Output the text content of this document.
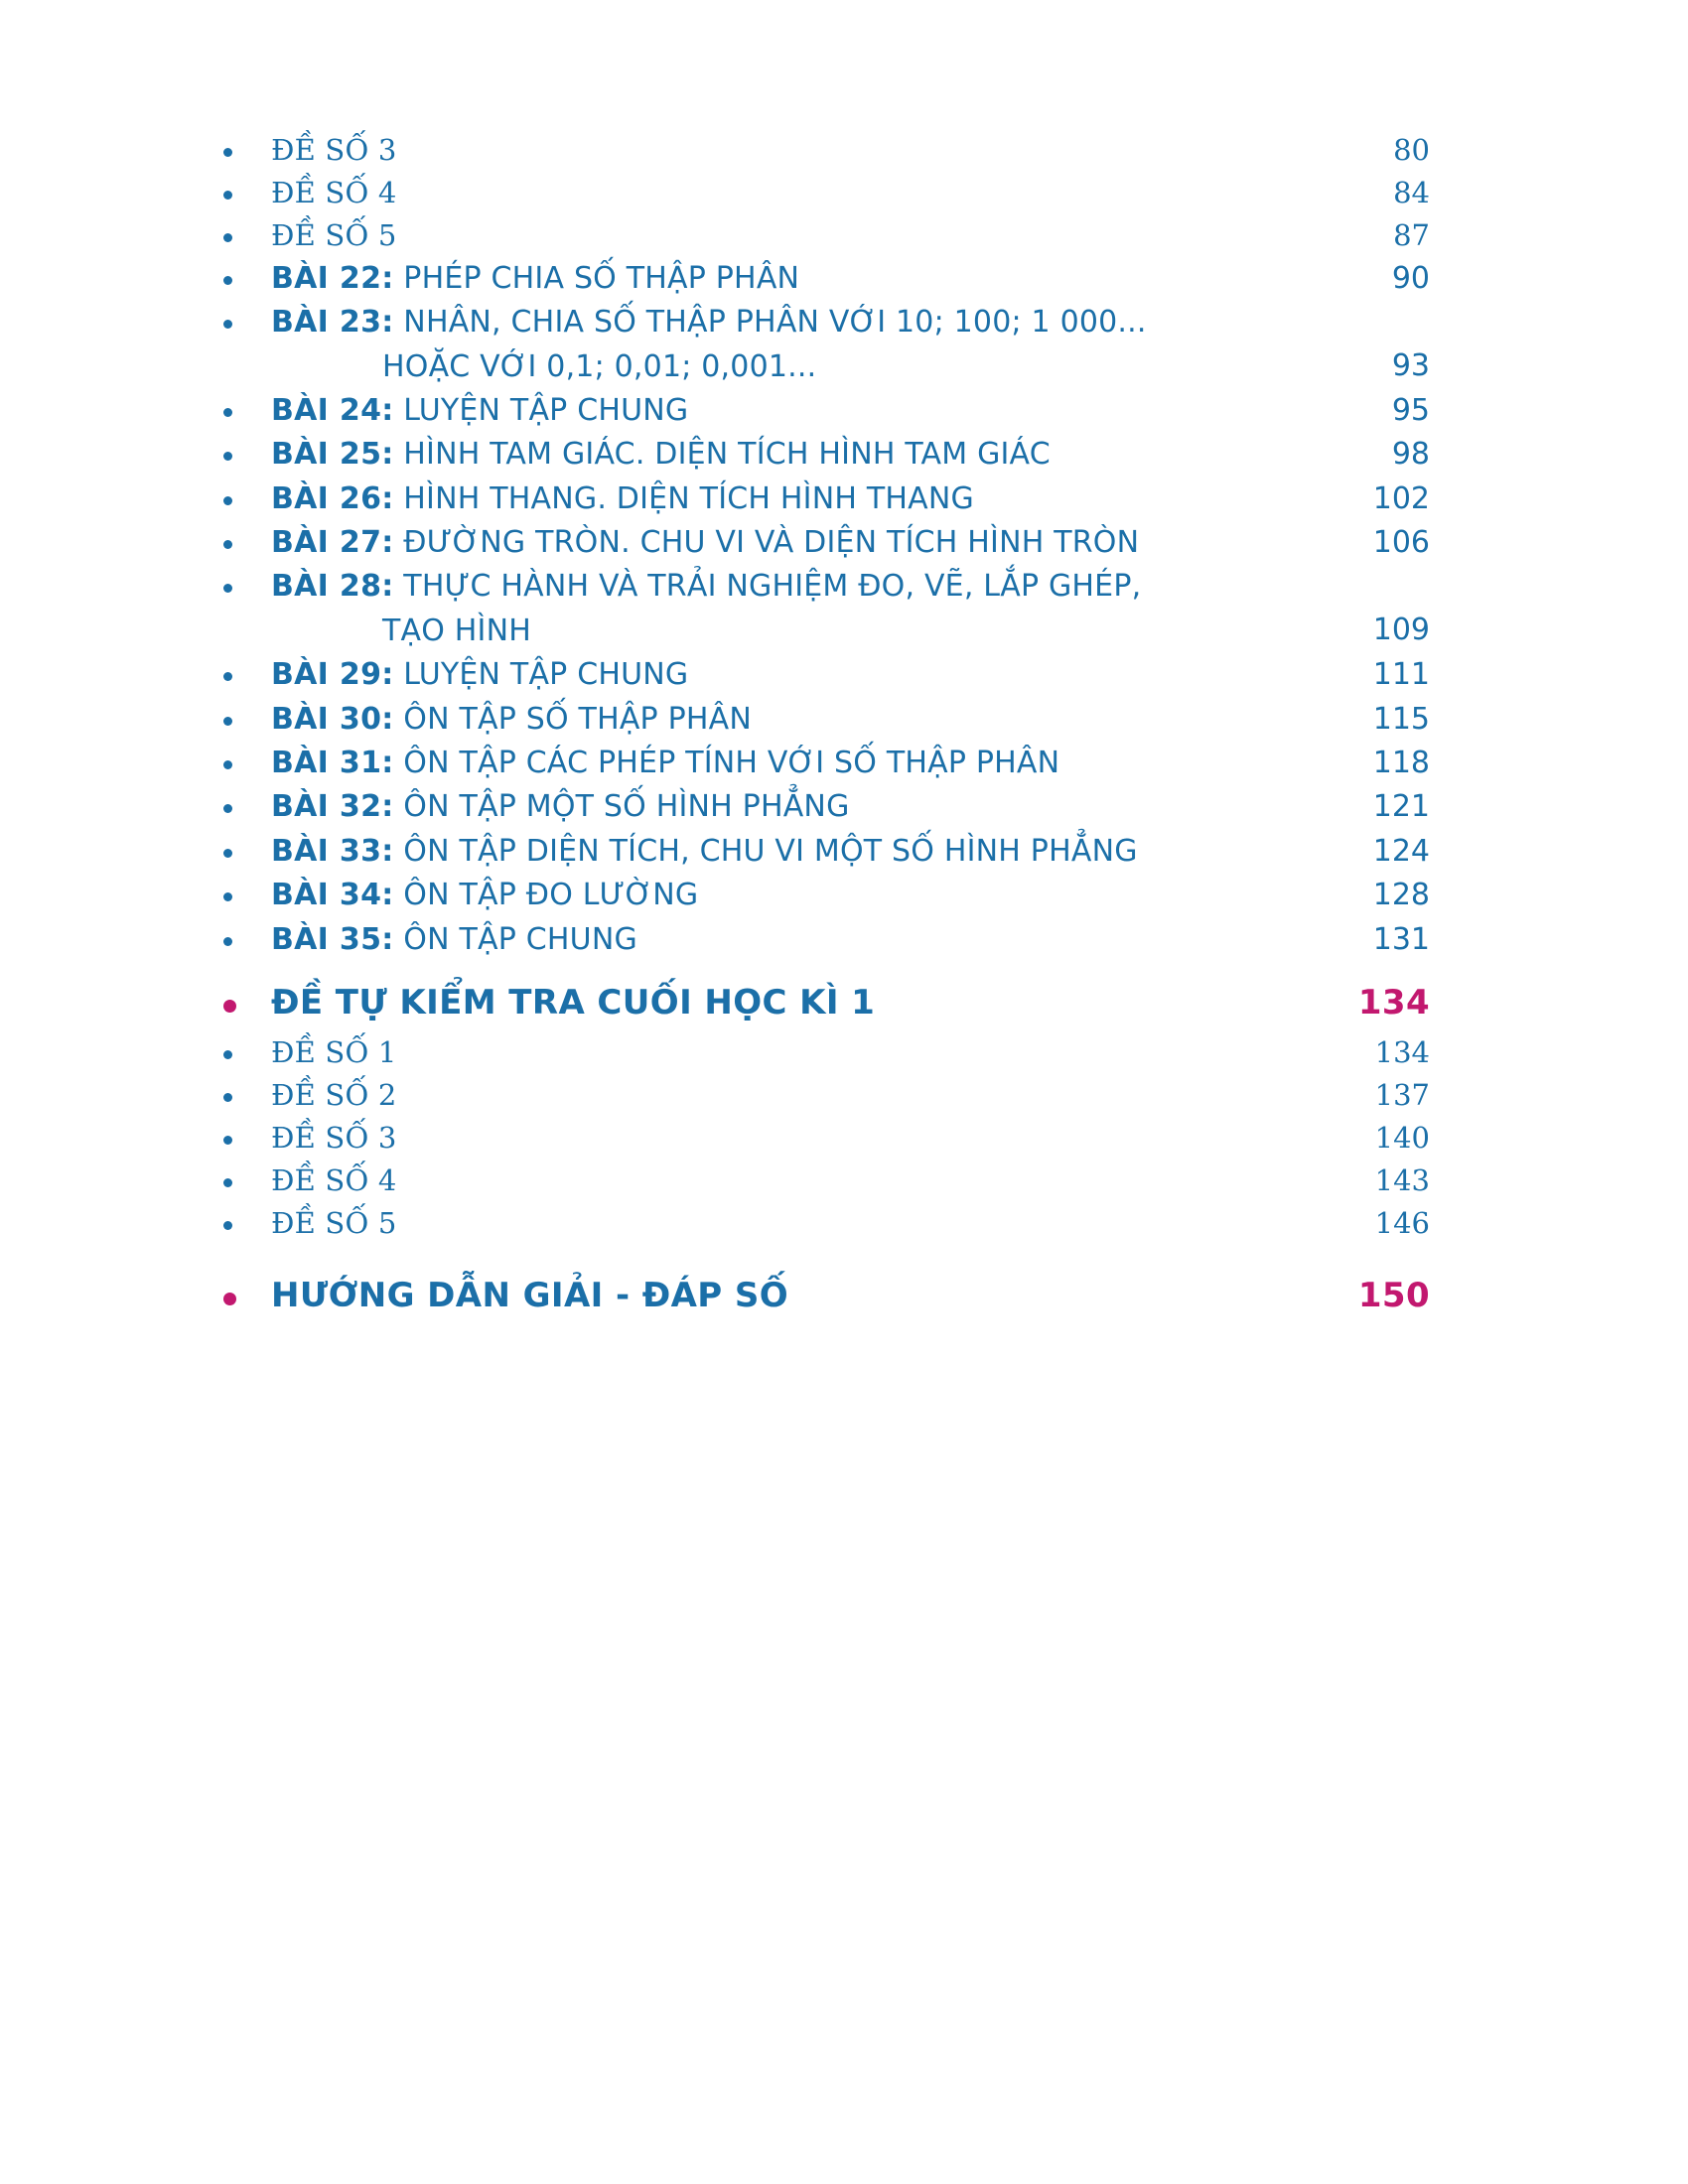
ĐỀ SỐ 3	80
ĐỀ SỐ 4	84
ĐỀ SỐ 5	87
BÀI 22: PHÉP CHIA SỐ THẬP PHÂN	90
BÀI 23: NHÂN, CHIA SỐ THẬP PHÂN VỚI 10; 100; 1 000...
HOẶC VỚI 0,1; 0,01; 0,001...	93
BÀI 24: LUYỆN TẬP CHUNG	95
BÀI 25: HÌNH TAM GIÁC. DIỆN TÍCH HÌNH TAM GIÁC	98
BÀI 26: HÌNH THANG. DIỆN TÍCH HÌNH THANG	102
BÀI 27: ĐƯỜNG TRÒN. CHU VI VÀ DIỆN TÍCH HÌNH TRÒN	106
BÀI 28: THỰC HÀNH VÀ TRẢI NGHIỆM ĐO, VẼ, LẮP GHÉP,
TẠO HÌNH	109
BÀI 29: LUYỆN TẬP CHUNG	111
BÀI 30: ÔN TẬP SỐ THẬP PHÂN	115
BÀI 31: ÔN TẬP CÁC PHÉP TÍNH VỚI SỐ THẬP PHÂN	118
BÀI 32: ÔN TẬP MỘT SỐ HÌNH PHẲNG	121
BÀI 33: ÔN TẬP DIỆN TÍCH, CHU VI MỘT SỐ HÌNH PHẲNG	124
BÀI 34: ÔN TẬP ĐO LƯỜNG	128
BÀI 35: ÔN TẬP CHUNG	131
ĐỀ TỰ KIỂM TRA CUỐI HỌC KÌ 1	134
ĐỀ SỐ 1	134
ĐỀ SỐ 2	137
ĐỀ SỐ 3	140
ĐỀ SỐ 4	143
ĐỀ SỐ 5	146
HƯỚNG DẪN GIẢI - ĐÁP SỐ	150
